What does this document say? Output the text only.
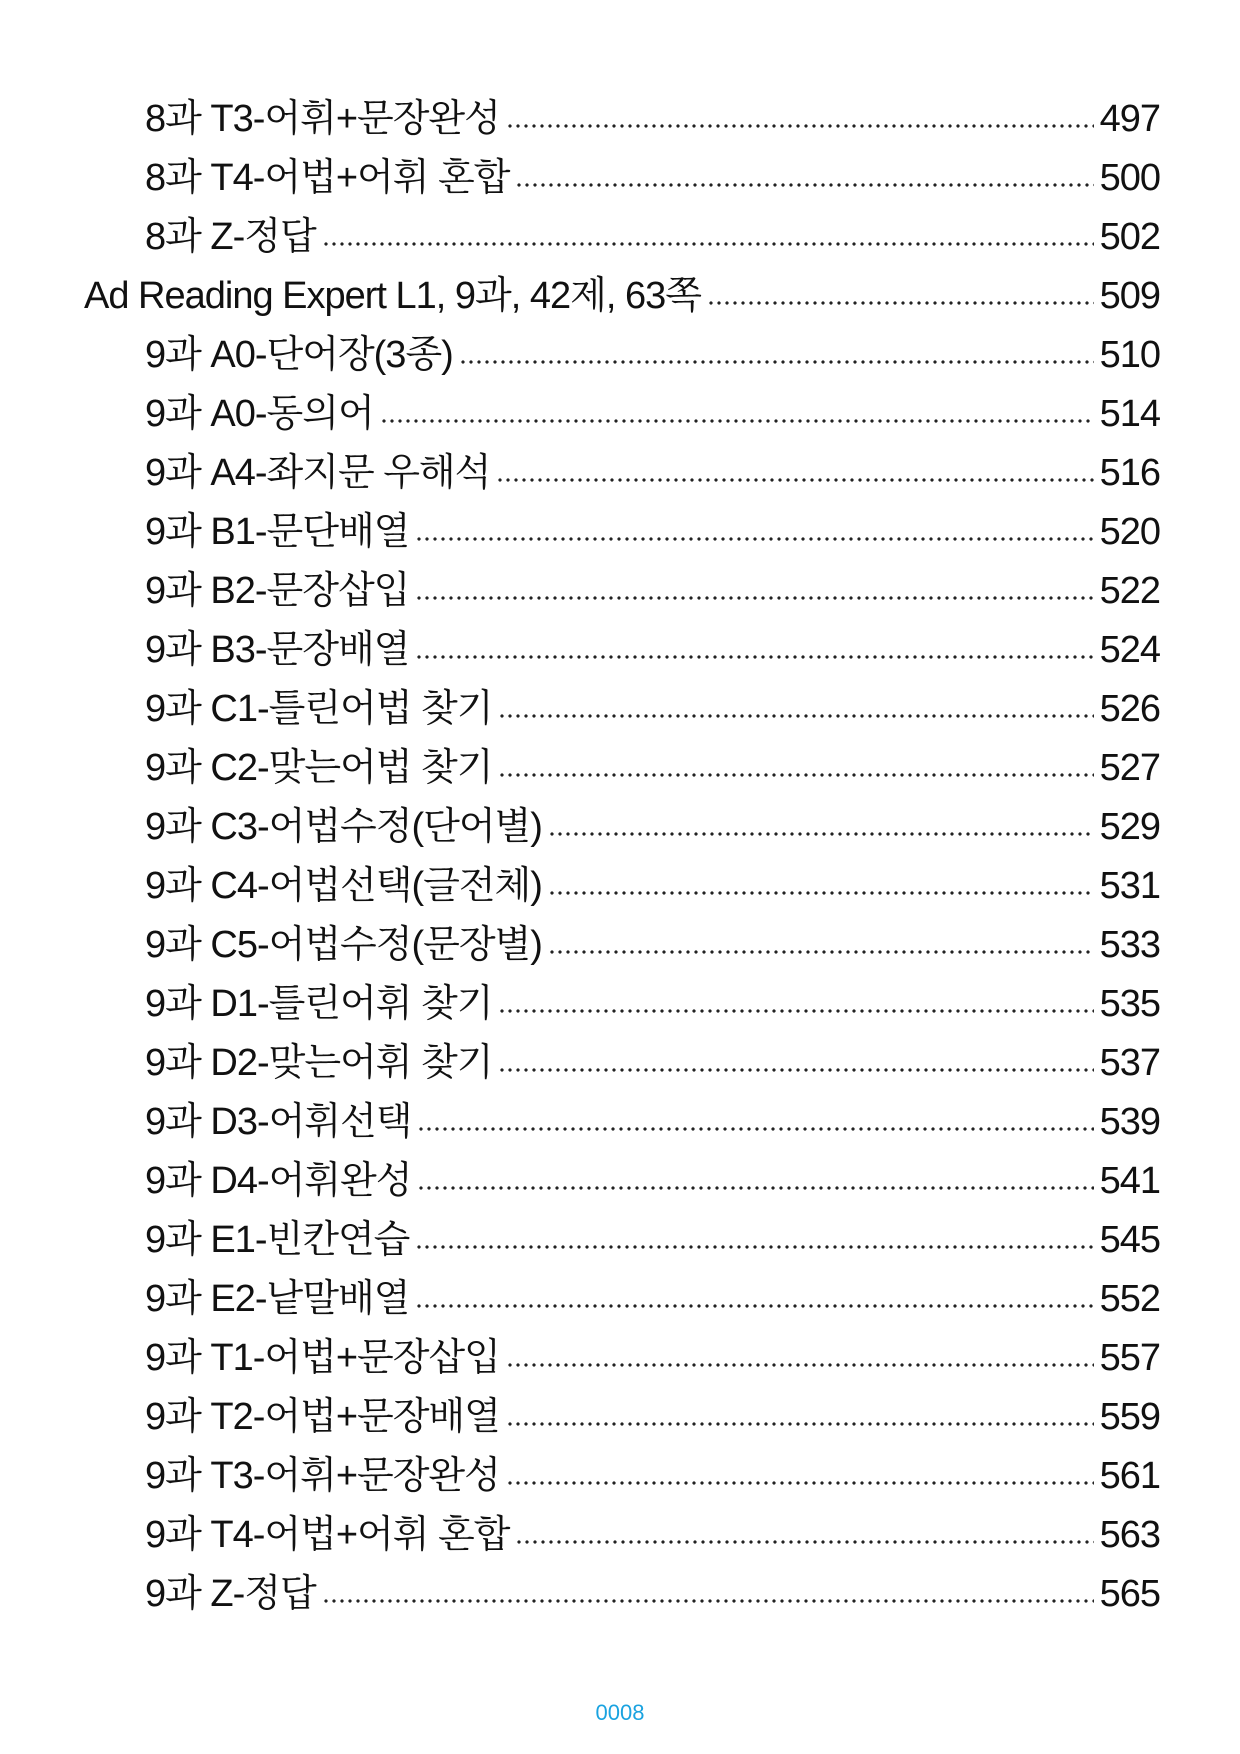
8과 T3-어휘+문장완성	497
8과 T4-어법+어휘 혼합	500
8과 Z-정답	502
Ad Reading Expert L1, 9과, 42제, 63쪽	509
9과 A0-단어장(3종)	510
9과 A0-동의어	514
9과 A4-좌지문 우해석	516
9과 B1-문단배열	520
9과 B2-문장삽입	522
9과 B3-문장배열	524
9과 C1-틀린어법 찾기	526
9과 C2-맞는어법 찾기	527
9과 C3-어법수정(단어별)	529
9과 C4-어법선택(글전체)	531
9과 C5-어법수정(문장별)	533
9과 D1-틀린어휘 찾기	535
9과 D2-맞는어휘 찾기	537
9과 D3-어휘선택	539
9과 D4-어휘완성	541
9과 E1-빈칸연습	545
9과 E2-낱말배열	552
9과 T1-어법+문장삽입	557
9과 T2-어법+문장배열	559
9과 T3-어휘+문장완성	561
9과 T4-어법+어휘 혼합	563
9과 Z-정답	565
0008
